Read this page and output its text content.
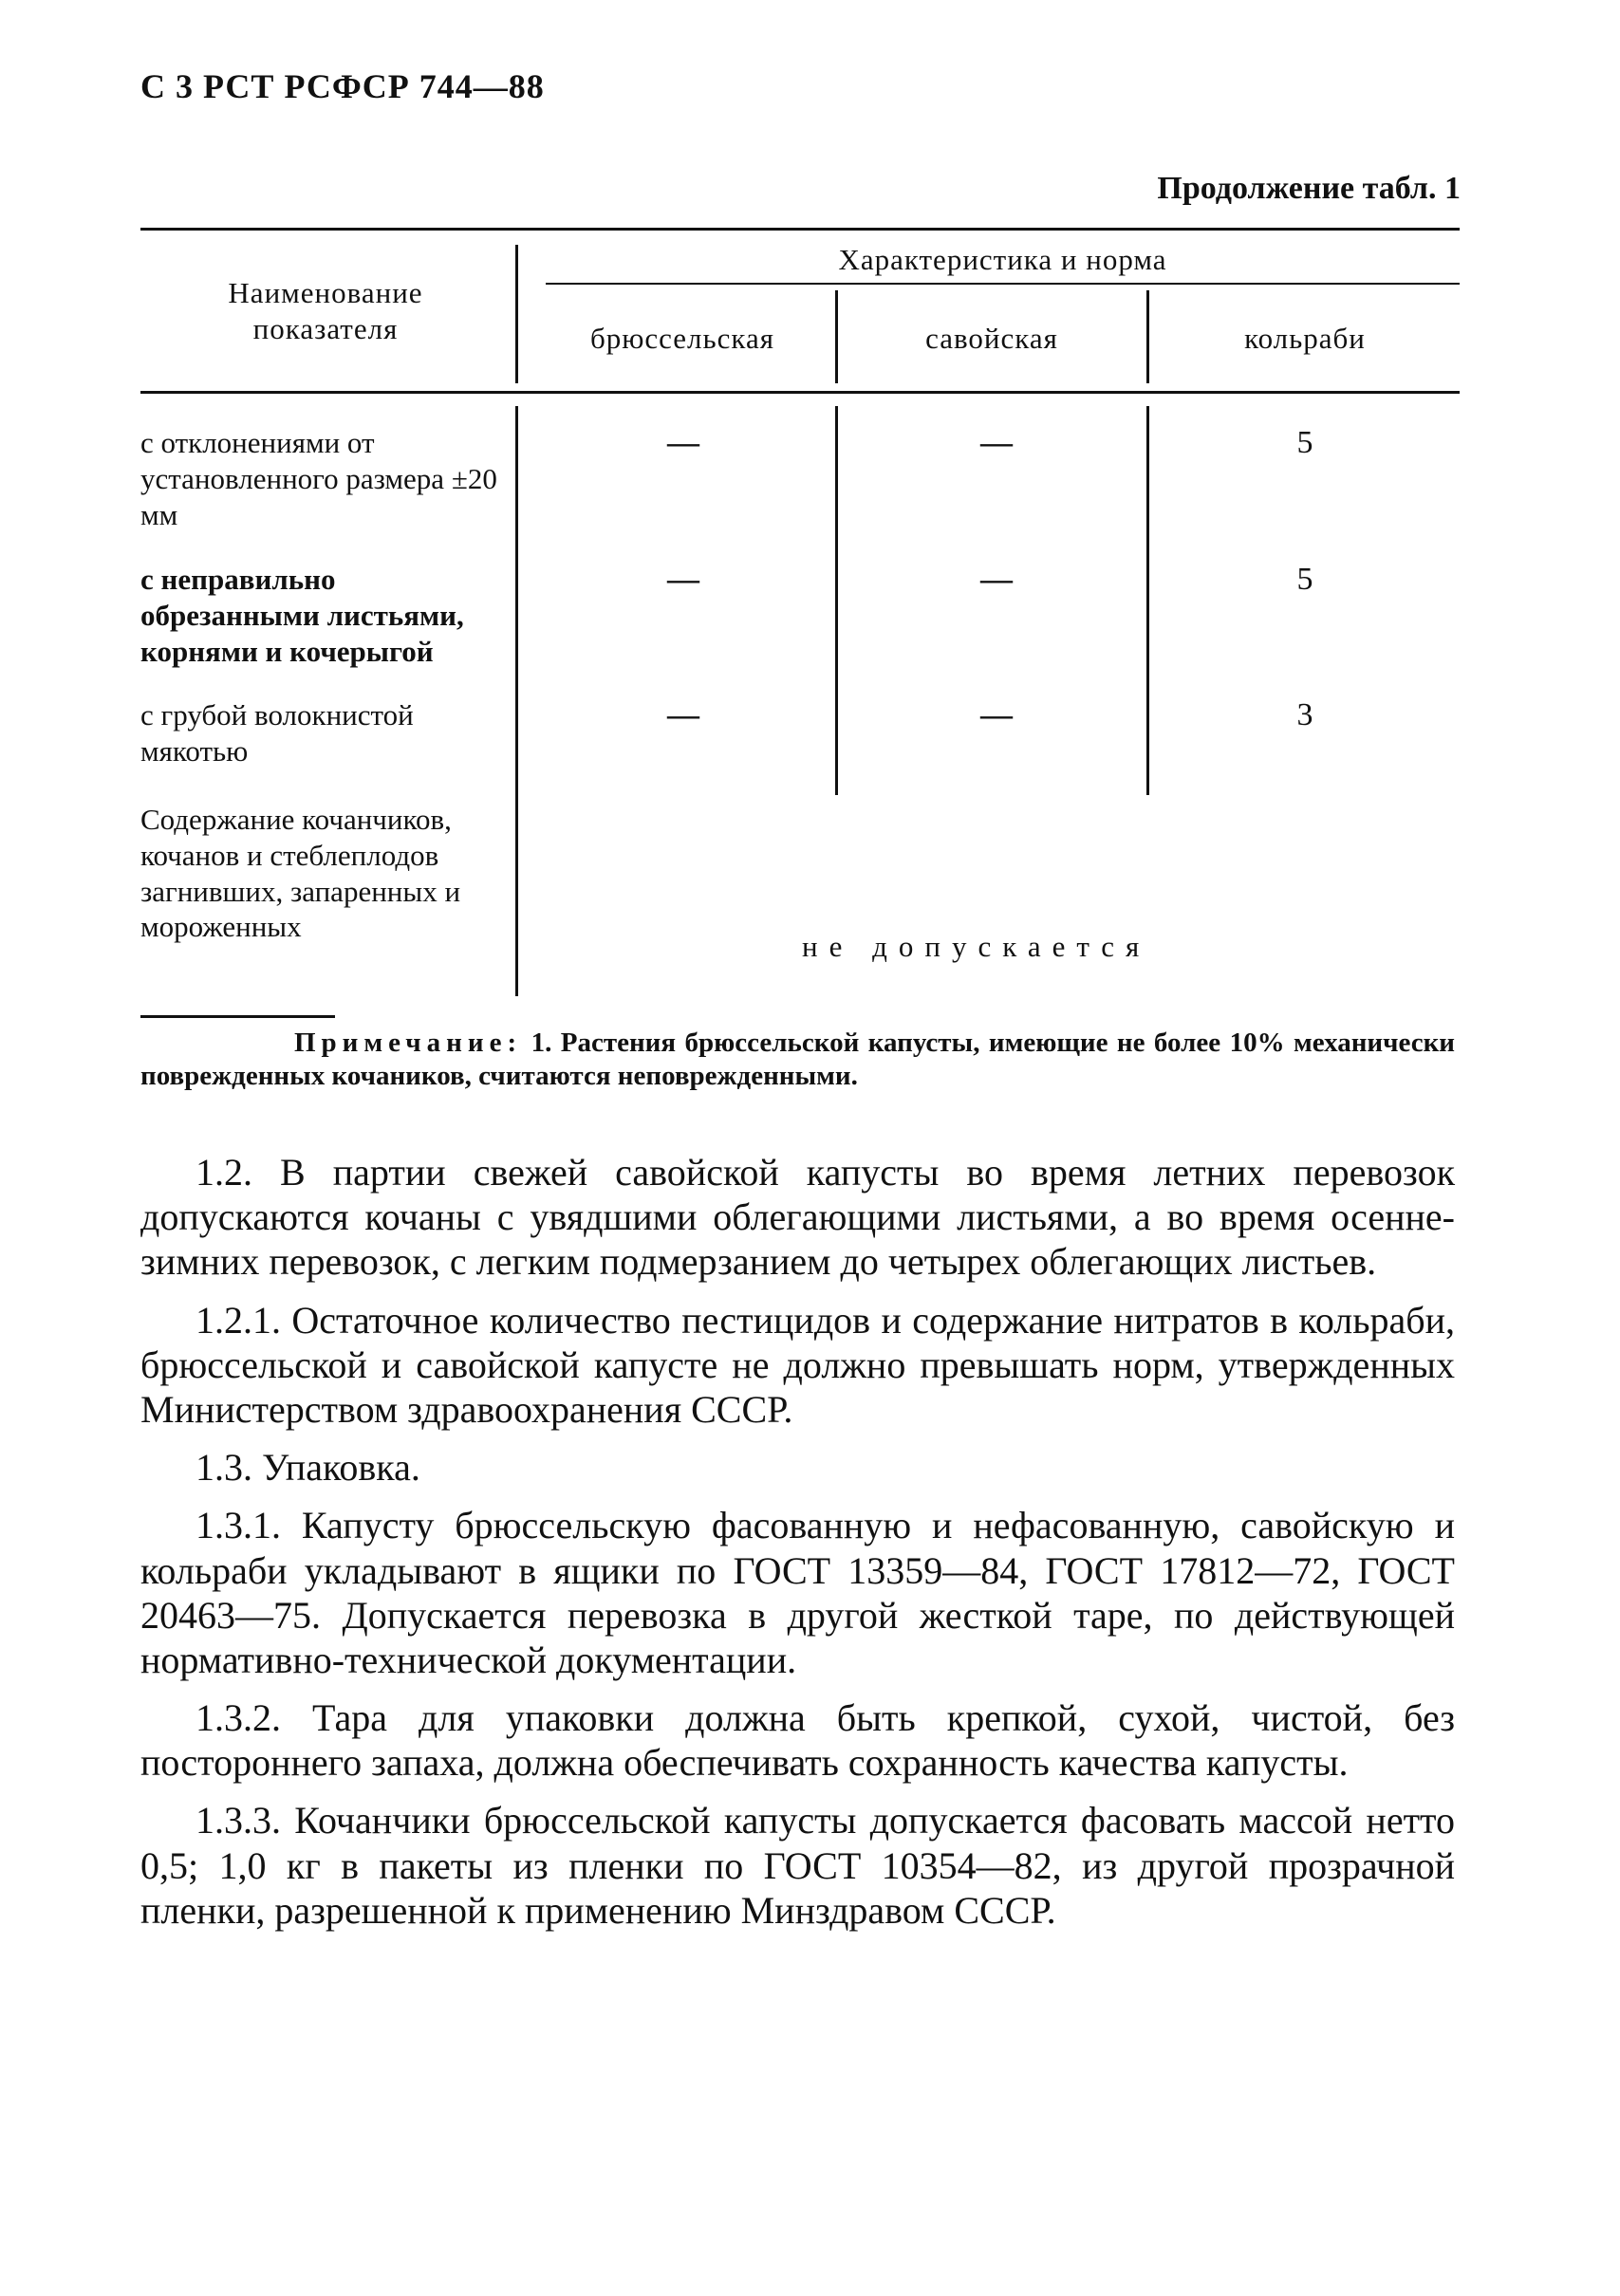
С 3 РСТ РСФСР 744—88
Продолжение табл. 1
Наименование показателя
Характеристика и норма
брюссельская	савойская	кольраби
с отклонениями от установленного размера ±20 мм
—	—	5
с неправильно обрезанными листьями, корнями и кочерыгой
—	—	5
с грубой волокнистой мякотью
—	—	3
Содержание кочанчиков, кочанов и стеблеплодов загнивших, запаренных и мороженных
не допускается
Примечание: 1. Растения брюссельской капусты, имеющие не более 10% механически поврежденных кочаников, считаются неповрежденными.

1.2. В партии свежей савойской капусты во время летних перевозок допускаются кочаны с увядшими облегающими листьями, а во время осенне-зимних перевозок, с легким подмерзанием до четырех облегающих листьев.

1.2.1. Остаточное количество пестицидов и содержание нитратов в кольраби, брюссельской и савойской капусте не должно превышать норм, утвержденных Министерством здравоохранения СССР.

1.3. Упаковка.

1.3.1. Капусту брюссельскую фасованную и нефасованную, савойскую и кольраби укладывают в ящики по ГОСТ 13359—84, ГОСТ 17812—72, ГОСТ 20463—75. Допускается перевозка в другой жесткой таре, по действующей нормативно-технической документации.

1.3.2. Тара для упаковки должна быть крепкой, сухой, чистой, без постороннего запаха, должна обеспечивать сохранность качества капусты.

1.3.3. Кочанчики брюссельской капусты допускается фасовать массой нетто 0,5; 1,0 кг в пакеты из пленки по ГОСТ 10354—82, из другой прозрачной пленки, разрешенной к применению Минздравом СССР.
